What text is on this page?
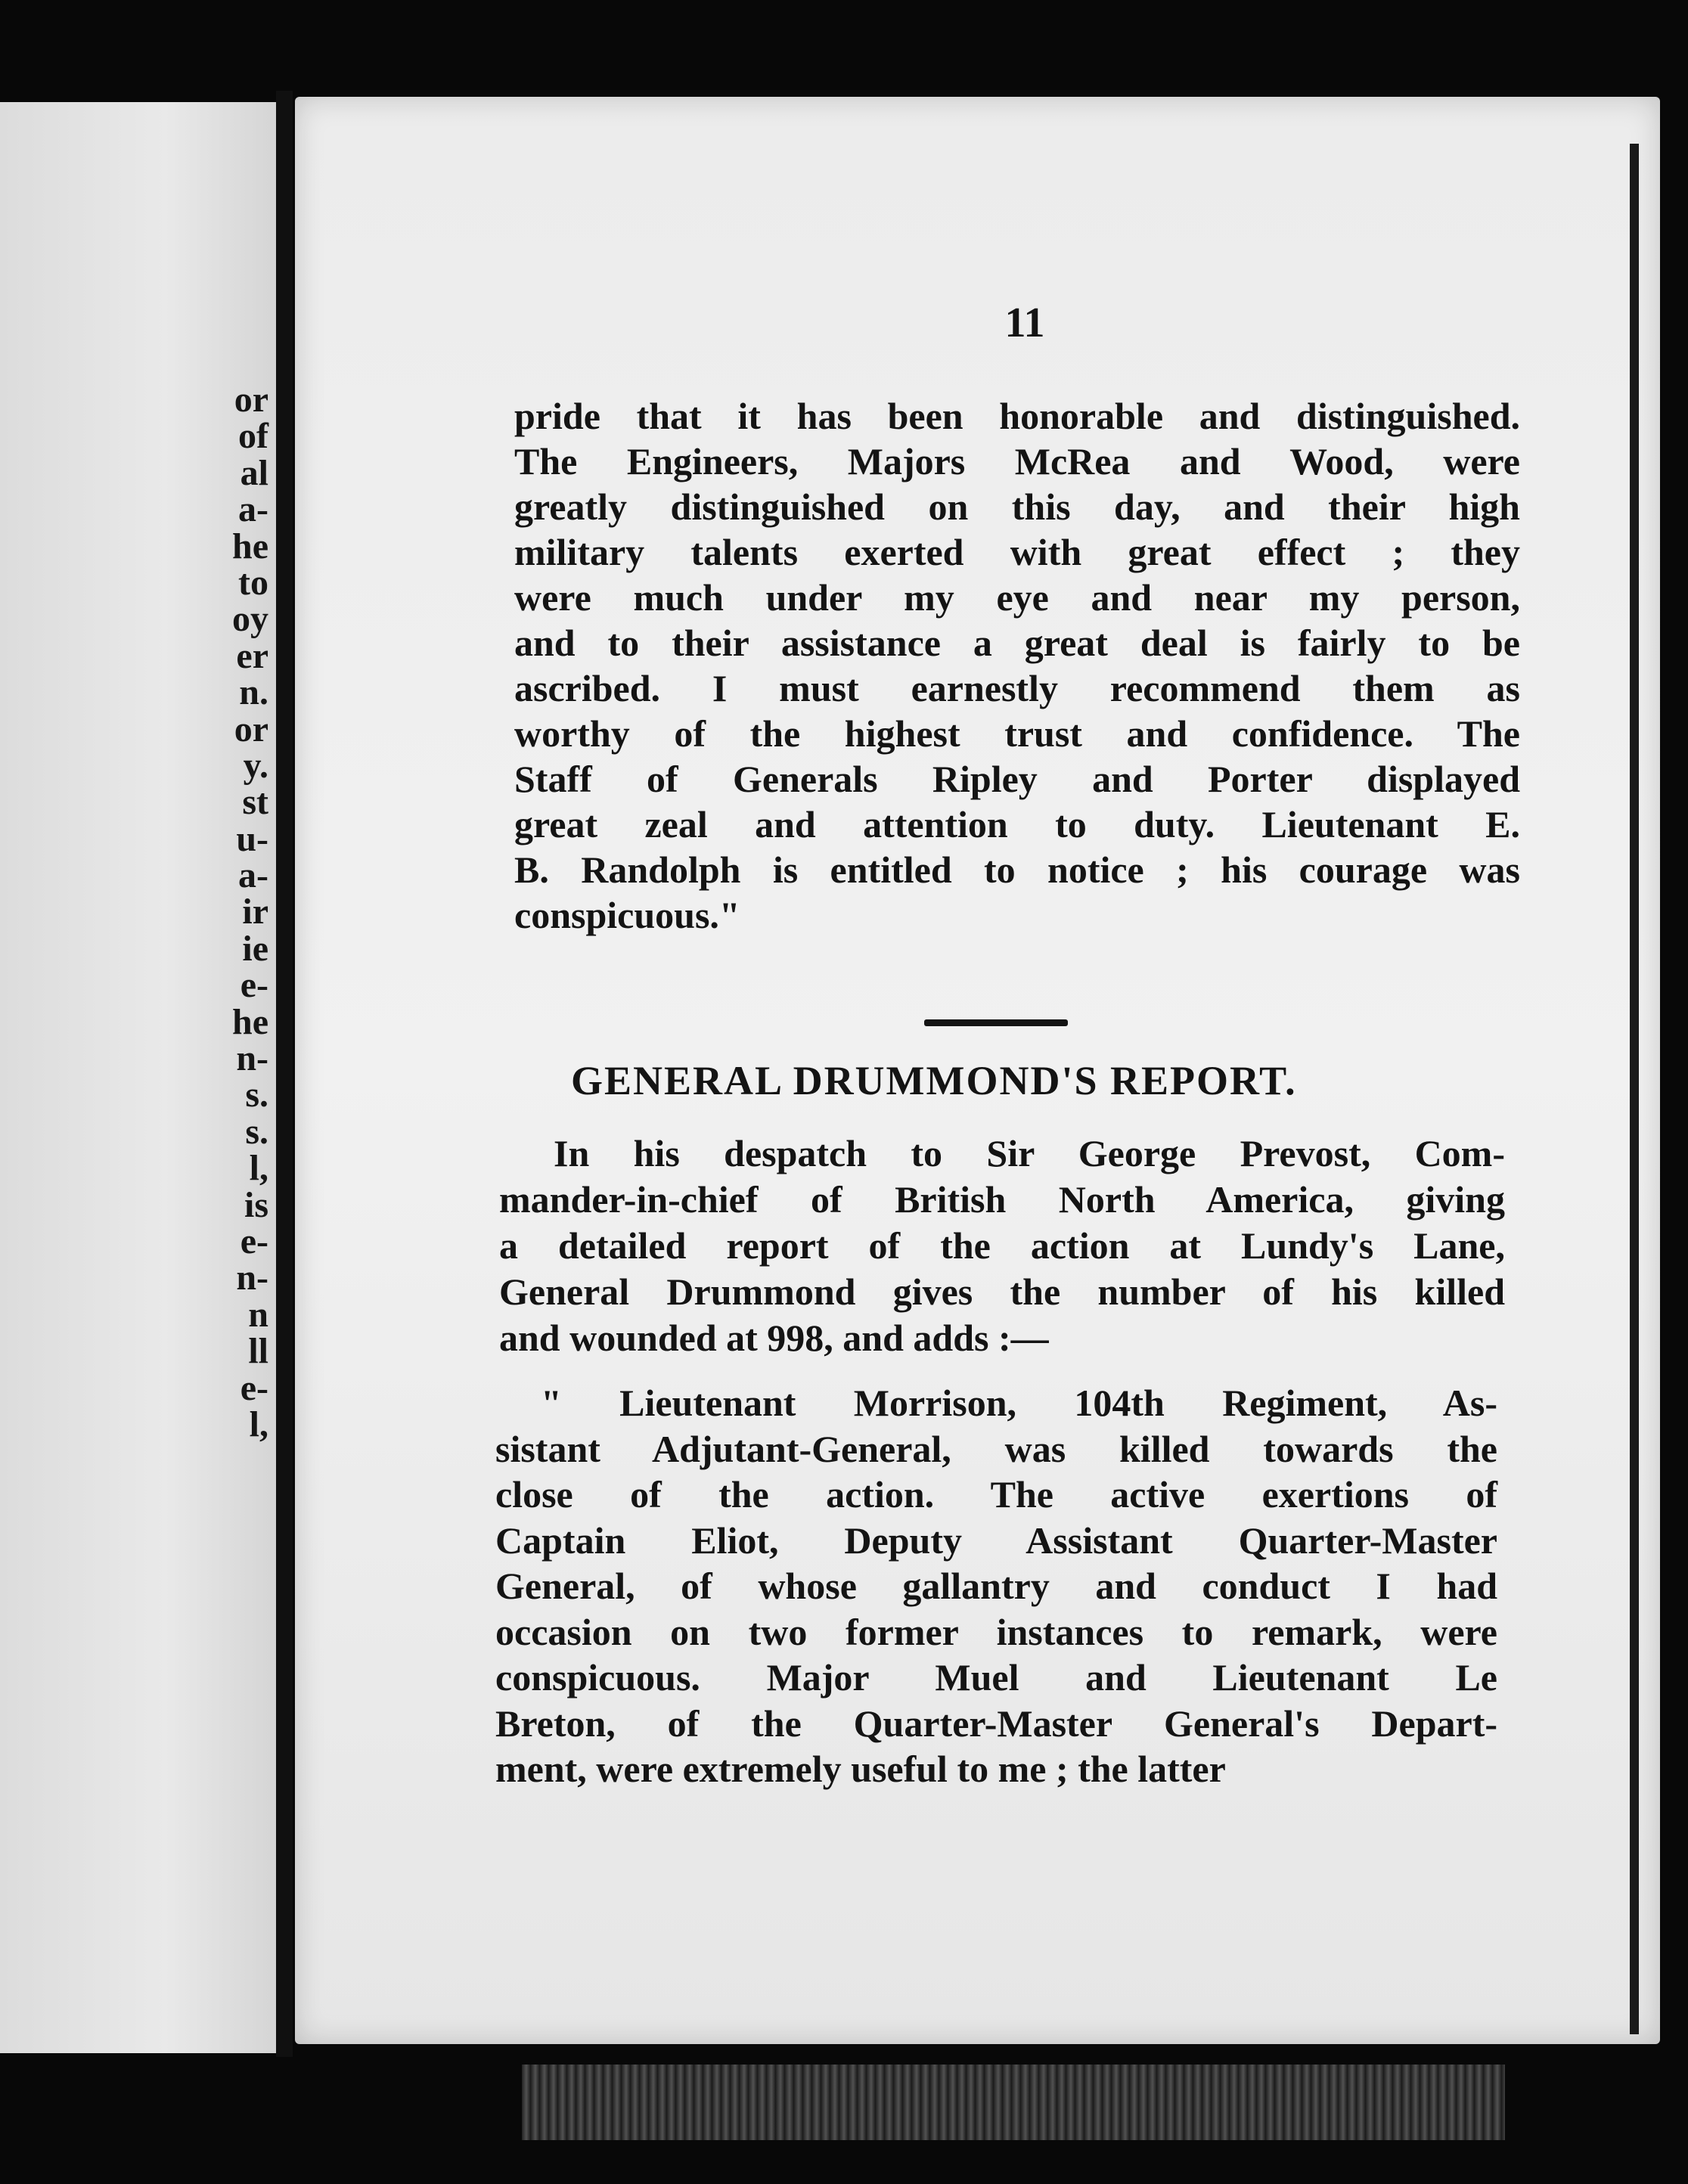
or
of
al
a-
he
to
oy
er
n.
or
y.
st
u-
a-
ir
ie
e-
he
n-
s.
s.
l,
is
e-
n-
n
ll
e-
l,
11
pride that it has been honorable and distinguished.
The Engineers, Majors McRea and Wood, were
greatly distinguished on this day, and their high
military talents exerted with great effect ; they
were much under my eye and near my person,
and to their assistance a great deal is fairly to be
ascribed. I must earnestly recommend them as
worthy of the highest trust and confidence. The
Staff of Generals Ripley and Porter displayed
great zeal and attention to duty. Lieutenant E.
B. Randolph is entitled to notice ; his courage was
conspicuous."
GENERAL DRUMMOND'S REPORT.
In his despatch to Sir George Prevost, Com-
mander-in-chief of British North America, giving
a detailed report of the action at Lundy's Lane,
General Drummond gives the number of his killed
and wounded at 998, and adds :—
" Lieutenant Morrison, 104th Regiment, As-
sistant Adjutant-General, was killed towards the
close of the action. The active exertions of
Captain Eliot, Deputy Assistant Quarter-Master
General, of whose gallantry and conduct I had
occasion on two former instances to remark, were
conspicuous. Major Muel and Lieutenant Le
Breton, of the Quarter-Master General's Depart-
ment, were extremely useful to me ; the latter
